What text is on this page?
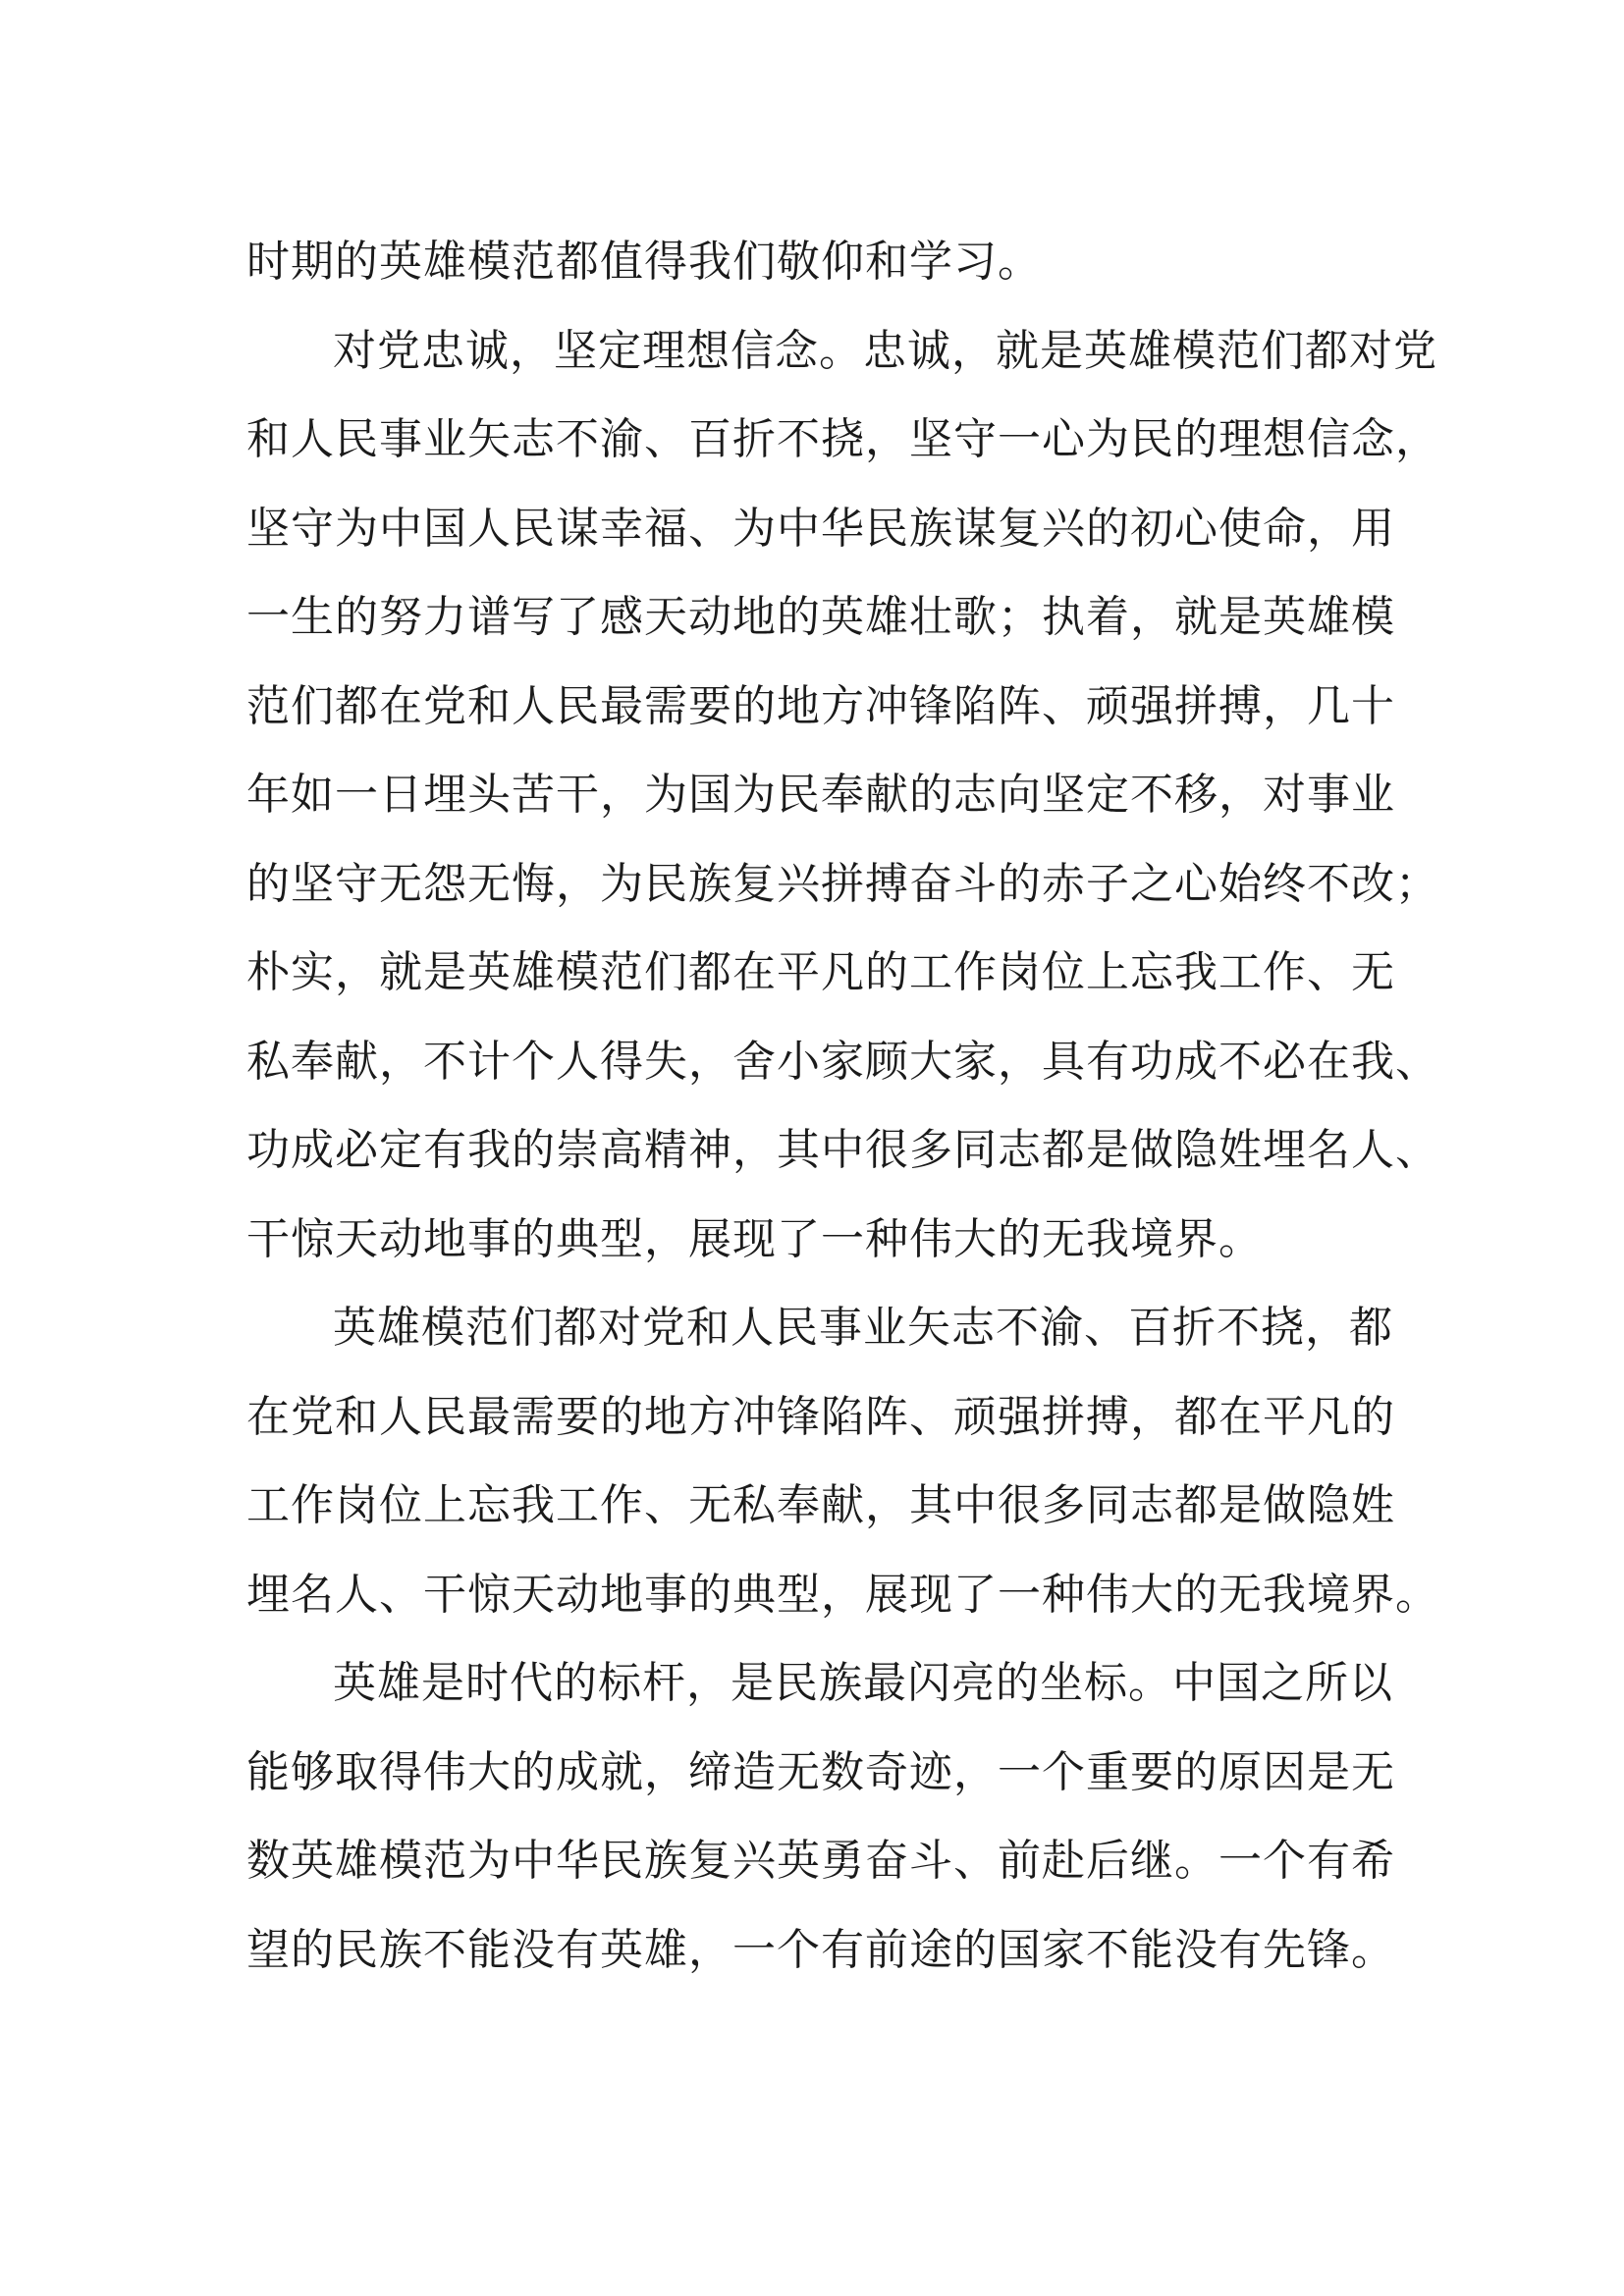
时期的英雄模范都值得我们敬仰和学习。
对党忠诚，坚定理想信念。忠诚，就是英雄模范们都对党
和人民事业矢志不渝、百折不挠，坚守一心为民的理想信念，
坚守为中国人民谋幸福、为中华民族谋复兴的初心使命，用
一生的努力谱写了感天动地的英雄壮歌；执着，就是英雄模
范们都在党和人民最需要的地方冲锋陷阵、顽强拼搏，几十
年如一日埋头苦干，为国为民奉献的志向坚定不移，对事业
的坚守无怨无悔，为民族复兴拼搏奋斗的赤子之心始终不改；
朴实，就是英雄模范们都在平凡的工作岗位上忘我工作、无
私奉献，不计个人得失，舍小家顾大家，具有功成不必在我、
功成必定有我的崇高精神，其中很多同志都是做隐姓埋名人、
干惊天动地事的典型，展现了一种伟大的无我境界。
英雄模范们都对党和人民事业矢志不渝、百折不挠，都
在党和人民最需要的地方冲锋陷阵、顽强拼搏，都在平凡的
工作岗位上忘我工作、无私奉献，其中很多同志都是做隐姓
埋名人、干惊天动地事的典型，展现了一种伟大的无我境界。
英雄是时代的标杆，是民族最闪亮的坐标。中国之所以
能够取得伟大的成就，缔造无数奇迹，一个重要的原因是无
数英雄模范为中华民族复兴英勇奋斗、前赴后继。一个有希
望的民族不能没有英雄，一个有前途的国家不能没有先锋。
